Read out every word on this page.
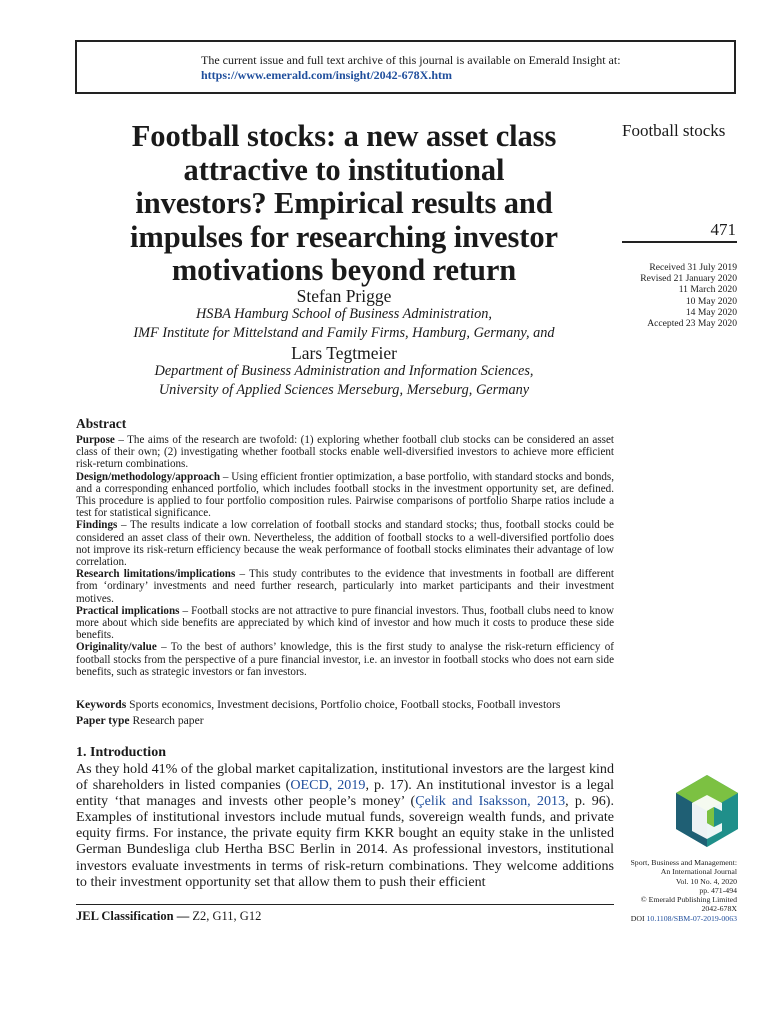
The current issue and full text archive of this journal is available on Emerald Insight at:
https://www.emerald.com/insight/2042-678X.htm
Football stocks: a new asset class
attractive to institutional
investors? Empirical results and
impulses for researching investor
motivations beyond return
Football stocks
471
Received 31 July 2019
Revised 21 January 2020
11 March 2020
10 May 2020
14 May 2020
Accepted 23 May 2020
Stefan Prigge
HSBA Hamburg School of Business Administration,
IMF Institute for Mittelstand and Family Firms, Hamburg, Germany, and
Lars Tegtmeier
Department of Business Administration and Information Sciences,
University of Applied Sciences Merseburg, Merseburg, Germany
Abstract

Purpose – The aims of the research are twofold: (1) exploring whether football club stocks can be considered an asset class of their own; (2) investigating whether football stocks enable well-diversified investors to achieve more efficient risk-return combinations.

Design/methodology/approach – Using efficient frontier optimization, a base portfolio, with standard stocks and bonds, and a corresponding enhanced portfolio, which includes football stocks in the investment opportunity set, are defined. This procedure is applied to four portfolio composition rules. Pairwise comparisons of portfolio Sharpe ratios include a test for statistical significance.

Findings – The results indicate a low correlation of football stocks and standard stocks; thus, football stocks could be considered an asset class of their own. Nevertheless, the addition of football stocks to a well-diversified portfolio does not improve its risk-return efficiency because the weak performance of football stocks eliminates their advantage of low correlation.

Research limitations/implications – This study contributes to the evidence that investments in football are different from ‘ordinary’ investments and need further research, particularly into market participants and their investment motives.

Practical implications – Football stocks are not attractive to pure financial investors. Thus, football clubs need to know more about which side benefits are appreciated by which kind of investor and how much it costs to produce these side benefits.

Originality/value – To the best of authors’ knowledge, this is the first study to analyse the risk-return efficiency of football stocks from the perspective of a pure financial investor, i.e. an investor in football stocks who does not earn side benefits, such as strategic investors or fan investors.

Keywords Sports economics, Investment decisions, Portfolio choice, Football stocks, Football investors
Paper type Research paper
1. Introduction

As they hold 41% of the global market capitalization, institutional investors are the largest kind of shareholders in listed companies (OECD, 2019, p. 17). An institutional investor is a legal entity ‘that manages and invests other people’s money’ (Çelik and Isaksson, 2013, p. 96). Examples of institutional investors include mutual funds, sovereign wealth funds, and private equity firms. For instance, the private equity firm KKR bought an equity stake in the unlisted German Bundesliga club Hertha BSC Berlin in 2014. As professional investors, institutional investors evaluate investments in terms of risk-return combinations. They welcome additions to their investment opportunity set that allow them to push their efficient

JEL Classification — Z2, G11, G12
Sport, Business and Management:
An International Journal
Vol. 10 No. 4, 2020
pp. 471-494
© Emerald Publishing Limited
2042-678X
DOI 10.1108/SBM-07-2019-0063
